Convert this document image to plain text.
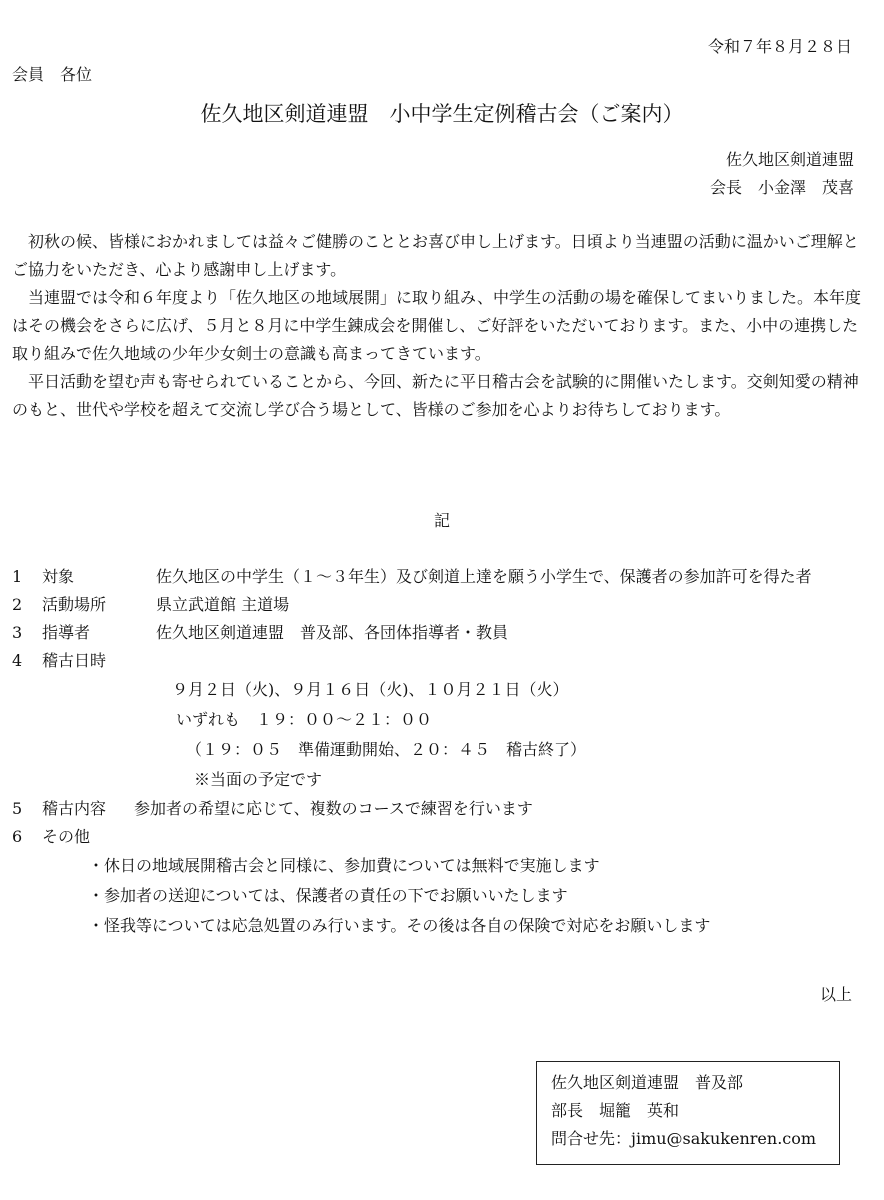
令和７年８月２８日
会員　各位
佐久地区剣道連盟　小中学生定例稽古会（ご案内）
佐久地区剣道連盟
会長　小金澤　茂喜

初秋の候、皆様におかれましては益々ご健勝のこととお喜び申し上げます。日頃より当連盟の活動に温かいご理解とご協力をいただき、心より感謝申し上げます。

当連盟では令和６年度より「佐久地区の地域展開」に取り組み、中学生の活動の場を確保してまいりました。本年度はその機会をさらに広げ、５月と８月に中学生錬成会を開催し、ご好評をいただいております。また、小中の連携した取り組みで佐久地域の少年少女剣士の意識も高まってきています。

平日活動を望む声も寄せられていることから、今回、新たに平日稽古会を試験的に開催いたします。交剣知愛の精神のもと、世代や学校を超えて交流し学び合う場として、皆様のご参加を心よりお待ちしております。

記
1	対象	佐久地区の中学生（１〜３年生）及び剣道上達を願う小学生で、保護者の参加許可を得た者
2	活動場所	県立武道館 主道場
3	指導者	佐久地区剣道連盟　普及部、各団体指導者・教員
4	稽古日時
９月２日（火)、９月１６日（火)、１０月２１日（火）
いずれも　１９：００〜２１：００
（１９：０５　準備運動開始、２０：４５　稽古終了）
※当面の予定です
5	稽古内容	参加者の希望に応じて、複数のコースで練習を行います
6	その他
・休日の地域展開稽古会と同様に、参加費については無料で実施します
・参加者の送迎については、保護者の責任の下でお願いいたします
・怪我等については応急処置のみ行います。その後は各自の保険で対応をお願いします
以上
佐久地区剣道連盟　普及部
部長　堀籠　英和
問合せ先：jimu@sakukenren.com
